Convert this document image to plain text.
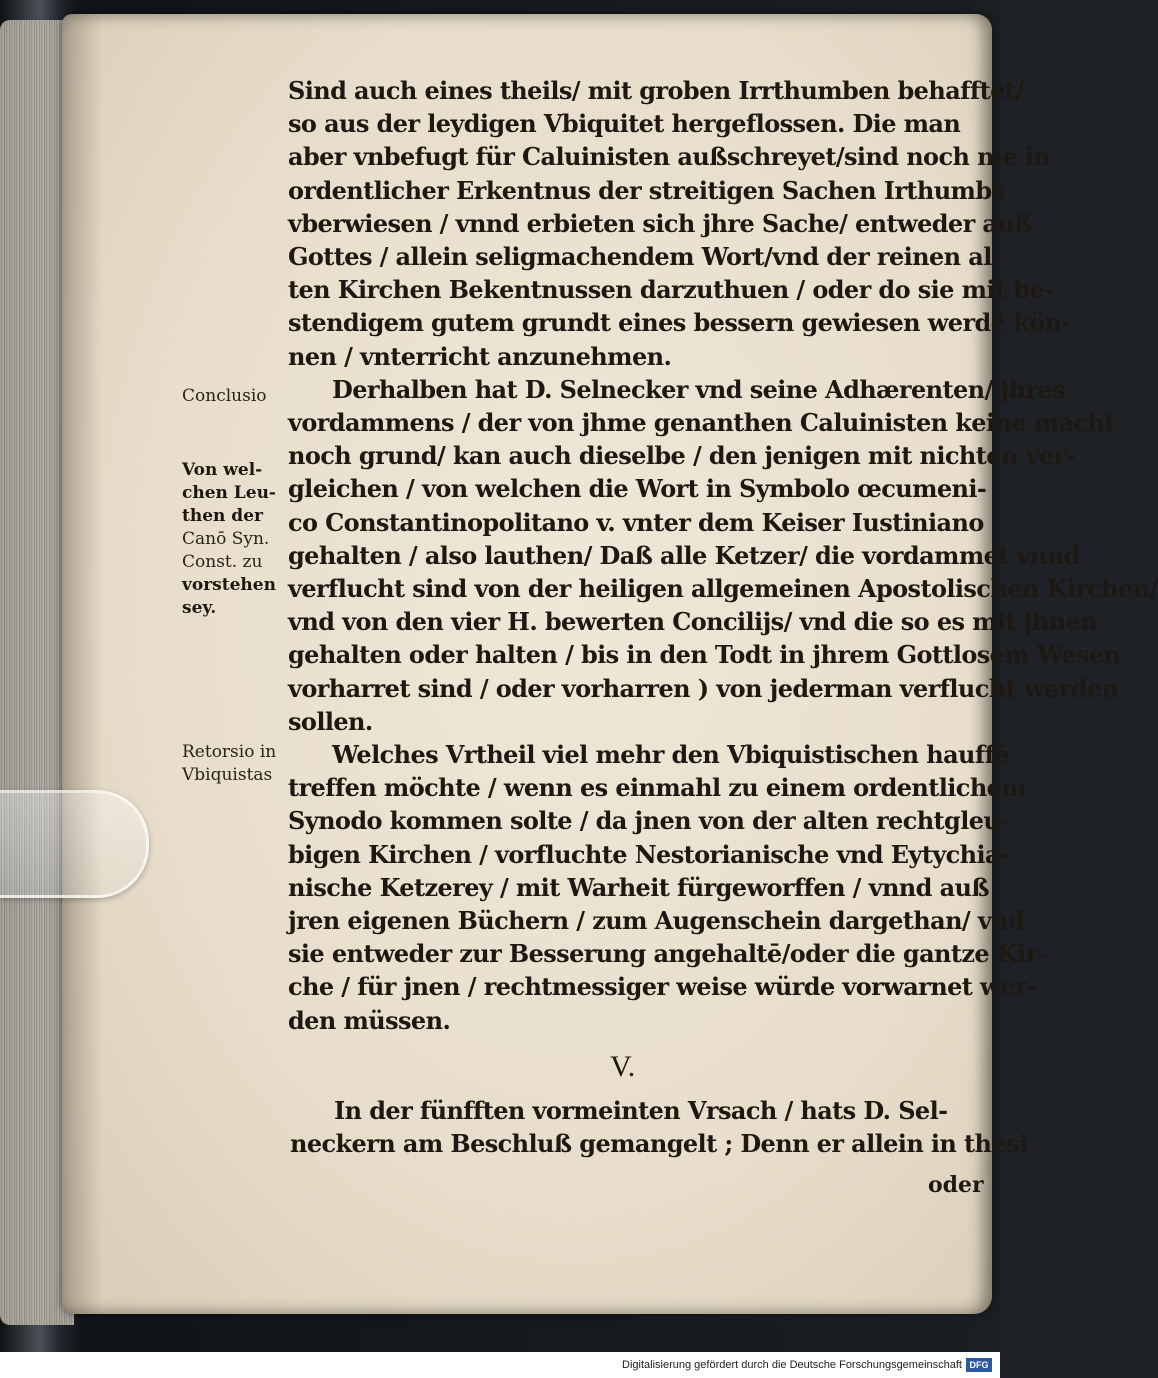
Conclusio
Von wel-
chen Leu-
then der
Canō Syn.
Const. zu
vorstehen
sey.
Retorsio in
Vbiquistas
Sind auch eines theils/ mit groben Irrthumben behafftet/
so aus der leydigen Vbiquitet hergeflossen. Die man
aber vnbefugt für Caluinisten außschreyet/sind noch nie in
ordentlicher Erkentnus der streitigen Sachen Irthumbs
vberwiesen / vnnd erbieten sich jhre Sache/ entweder auß
Gottes / allein seligmachendem Wort/vnd der reinen al-
ten Kirchen Bekentnussen darzuthuen / oder do sie mit be-
stendigem gutem grundt eines bessern gewiesen werdē kön-
nen / vnterricht anzunehmen.
Derhalben hat D. Selnecker vnd seine Adhærenten/ jhres
vordammens / der von jhme genanthen Caluinisten keine macht
noch grund/ kan auch dieselbe / den jenigen mit nichten ver-
gleichen / von welchen die Wort in Symbolo œcumeni-
co Constantinopolitano v. vnter dem Keiser Iustiniano
gehalten / also lauthen/ Daß alle Ketzer/ die vordammet vnnd
verflucht sind von der heiligen allgemeinen Apostolischen Kirchen/
vnd von den vier H. bewerten Concilijs/ vnd die so es mit jhnen
gehalten oder halten / bis in den Todt in jhrem Gottlosem Wesen
vorharret sind / oder vorharren ) von jederman verflucht werden
sollen.
Welches Vrtheil viel mehr den Vbiquistischen hauffē
treffen möchte / wenn es einmahl zu einem ordentlichem
Synodo kommen solte / da jnen von der alten rechtgleu-
bigen Kirchen / vorfluchte Nestorianische vnd Eytychia-
nische Ketzerey / mit Warheit fürgeworffen / vnnd auß
jren eigenen Büchern / zum Augenschein dargethan/ vnd
sie entweder zur Besserung angehaltē/oder die gantze Kir-
che / für jnen / rechtmessiger weise würde vorwarnet wer-
den müssen.
V.
In der fünfften vormeinten Vrsach / hats D. Sel-
neckern am Beschluß gemangelt ; Denn er allein in thesi
oder
Digitalisierung gefördert durch die Deutsche Forschungsgemeinschaft DFG
